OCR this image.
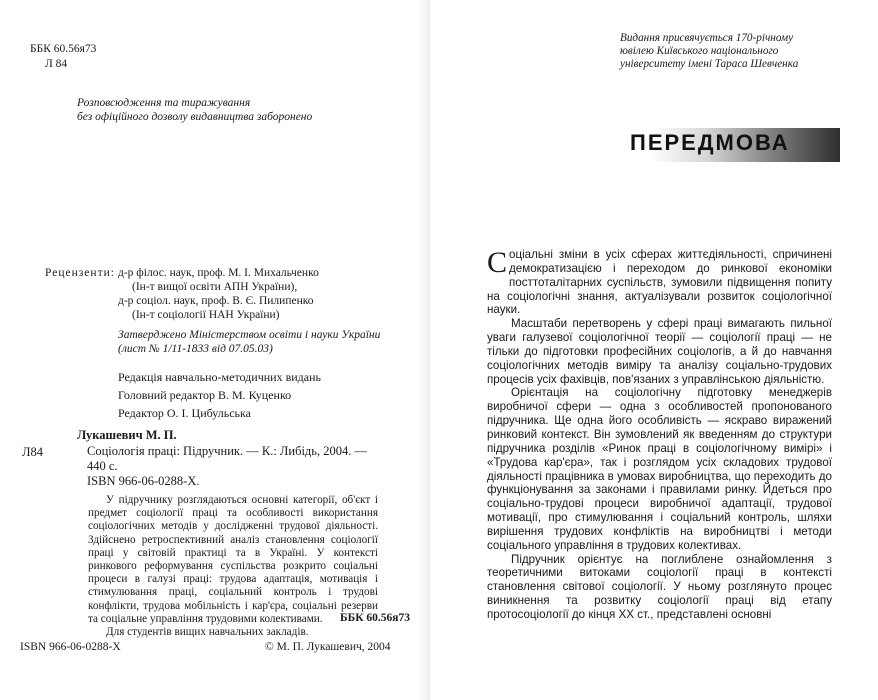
ББК 60.56я73
Л 84
Розповсюдження та тиражування
без офіційного дозволу видавництва заборонено
Рецензенти: д-р філос. наук, проф. М. І. Михальченко
(Ін-т вищої освіти АПН України),
д-р соціол. наук, проф. В. Є. Пилипенко
(Ін-т соціології НАН України)
Затверджено Міністерством освіти і науки України
(лист № 1/11-1833 від 07.05.03)
Редакція навчально-методичних видань
Головний редактор В. М. Куценко
Редактор О. І. Цибульська
Лукашевич М. П.
Л84	Соціологія праці: Підручник. — К.: Либідь, 2004. —
440 с.
ISBN 966-06-0288-Х.

У підручнику розглядаються основні категорії, об'єкт і предмет соціології праці та особливості використання соціологічних методів у дослідженні трудової діяльності. Здійснено ретроспективний аналіз становлення соціології праці у світовій практиці та в Україні. У контексті ринкового реформування суспільства розкрито соціальні процеси в галузі праці: трудова адаптація, мотивація і стимулювання праці, соціальний контроль і трудові конфлікти, трудова мобільність і кар'єра, соціальні резерви та соціальне управління трудовими колективами.

Для студентів вищих навчальних закладів.

ББК 60.56я73
ISBN 966-06-0288-Х	© М. П. Лукашевич, 2004
Видання присвячується 170-річному
ювілею Київського національного
університету імені Тараса Шевченка
ПЕРЕДМОВА

Соціальні зміни в усіх сферах життєдіяльності, спричинені демократизацією і переходом до ринкової економіки посттоталітарних суспільств, зумовили підвищення попиту на соціологічні знання, актуалізували розвиток соціологічної науки.

Масштаби перетворень у сфері праці вимагають пильної уваги галузевої соціологічної теорії — соціології праці — не тільки до підготовки професійних соціологів, а й до навчання соціологічних методів виміру та аналізу соціально-трудових процесів усіх фахівців, пов'язаних з управлінською діяльністю.

Орієнтація на соціологічну підготовку менеджерів виробничої сфери — одна з особливостей пропонованого підручника. Ще одна його особливість — яскраво виражений ринковий контекст. Він зумовлений як введенням до структури підручника розділів «Ринок праці в соціологічному вимірі» і «Трудова кар'єра», так і розглядом усіх складових трудової діяльності працівника в умовах виробництва, що переходить до функціонування за законами і правилами ринку. Йдеться про соціально-трудові процеси виробничої адаптації, трудової мотивації, про стимулювання і соціальний контроль, шляхи вирішення трудових конфліктів на виробництві і методи соціального управління в трудових колективах.

Підручник орієнтує на поглиблене ознайомлення з теоретичними витоками соціології праці в контексті становлення світової соціології. У ньому розглянуто процес виникнення та розвитку соціології праці від етапу протосоціології до кінця XX ст., представлені основні
